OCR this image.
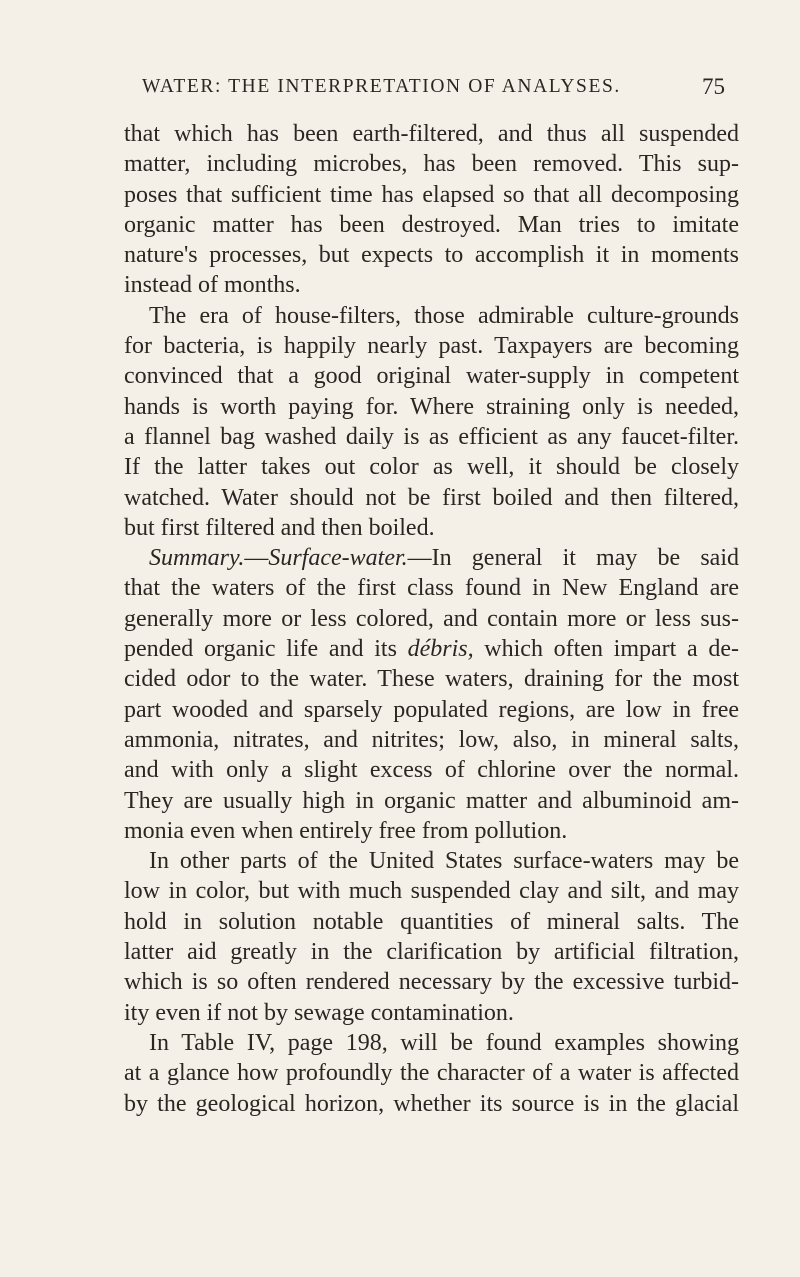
WATER: THE INTERPRETATION OF ANALYSES.	75
that which has been earth-filtered, and thus all suspended
matter, including microbes, has been removed. This sup-
poses that sufficient time has elapsed so that all decomposing
organic matter has been destroyed. Man tries to imitate
nature's processes, but expects to accomplish it in moments
instead of months.
The era of house-filters, those admirable culture-grounds
for bacteria, is happily nearly past. Taxpayers are becoming
convinced that a good original water-supply in competent
hands is worth paying for. Where straining only is needed,
a flannel bag washed daily is as efficient as any faucet-filter.
If the latter takes out color as well, it should be closely
watched. Water should not be first boiled and then filtered,
but first filtered and then boiled.
Summary.—Surface-water.—In general it may be said
that the waters of the first class found in New England are
generally more or less colored, and contain more or less sus-
pended organic life and its débris, which often impart a de-
cided odor to the water. These waters, draining for the most
part wooded and sparsely populated regions, are low in free
ammonia, nitrates, and nitrites; low, also, in mineral salts,
and with only a slight excess of chlorine over the normal.
They are usually high in organic matter and albuminoid am-
monia even when entirely free from pollution.
In other parts of the United States surface-waters may be
low in color, but with much suspended clay and silt, and may
hold in solution notable quantities of mineral salts. The
latter aid greatly in the clarification by artificial filtration,
which is so often rendered necessary by the excessive turbid-
ity even if not by sewage contamination.
In Table IV, page 198, will be found examples showing
at a glance how profoundly the character of a water is affected
by the geological horizon, whether its source is in the glacial
